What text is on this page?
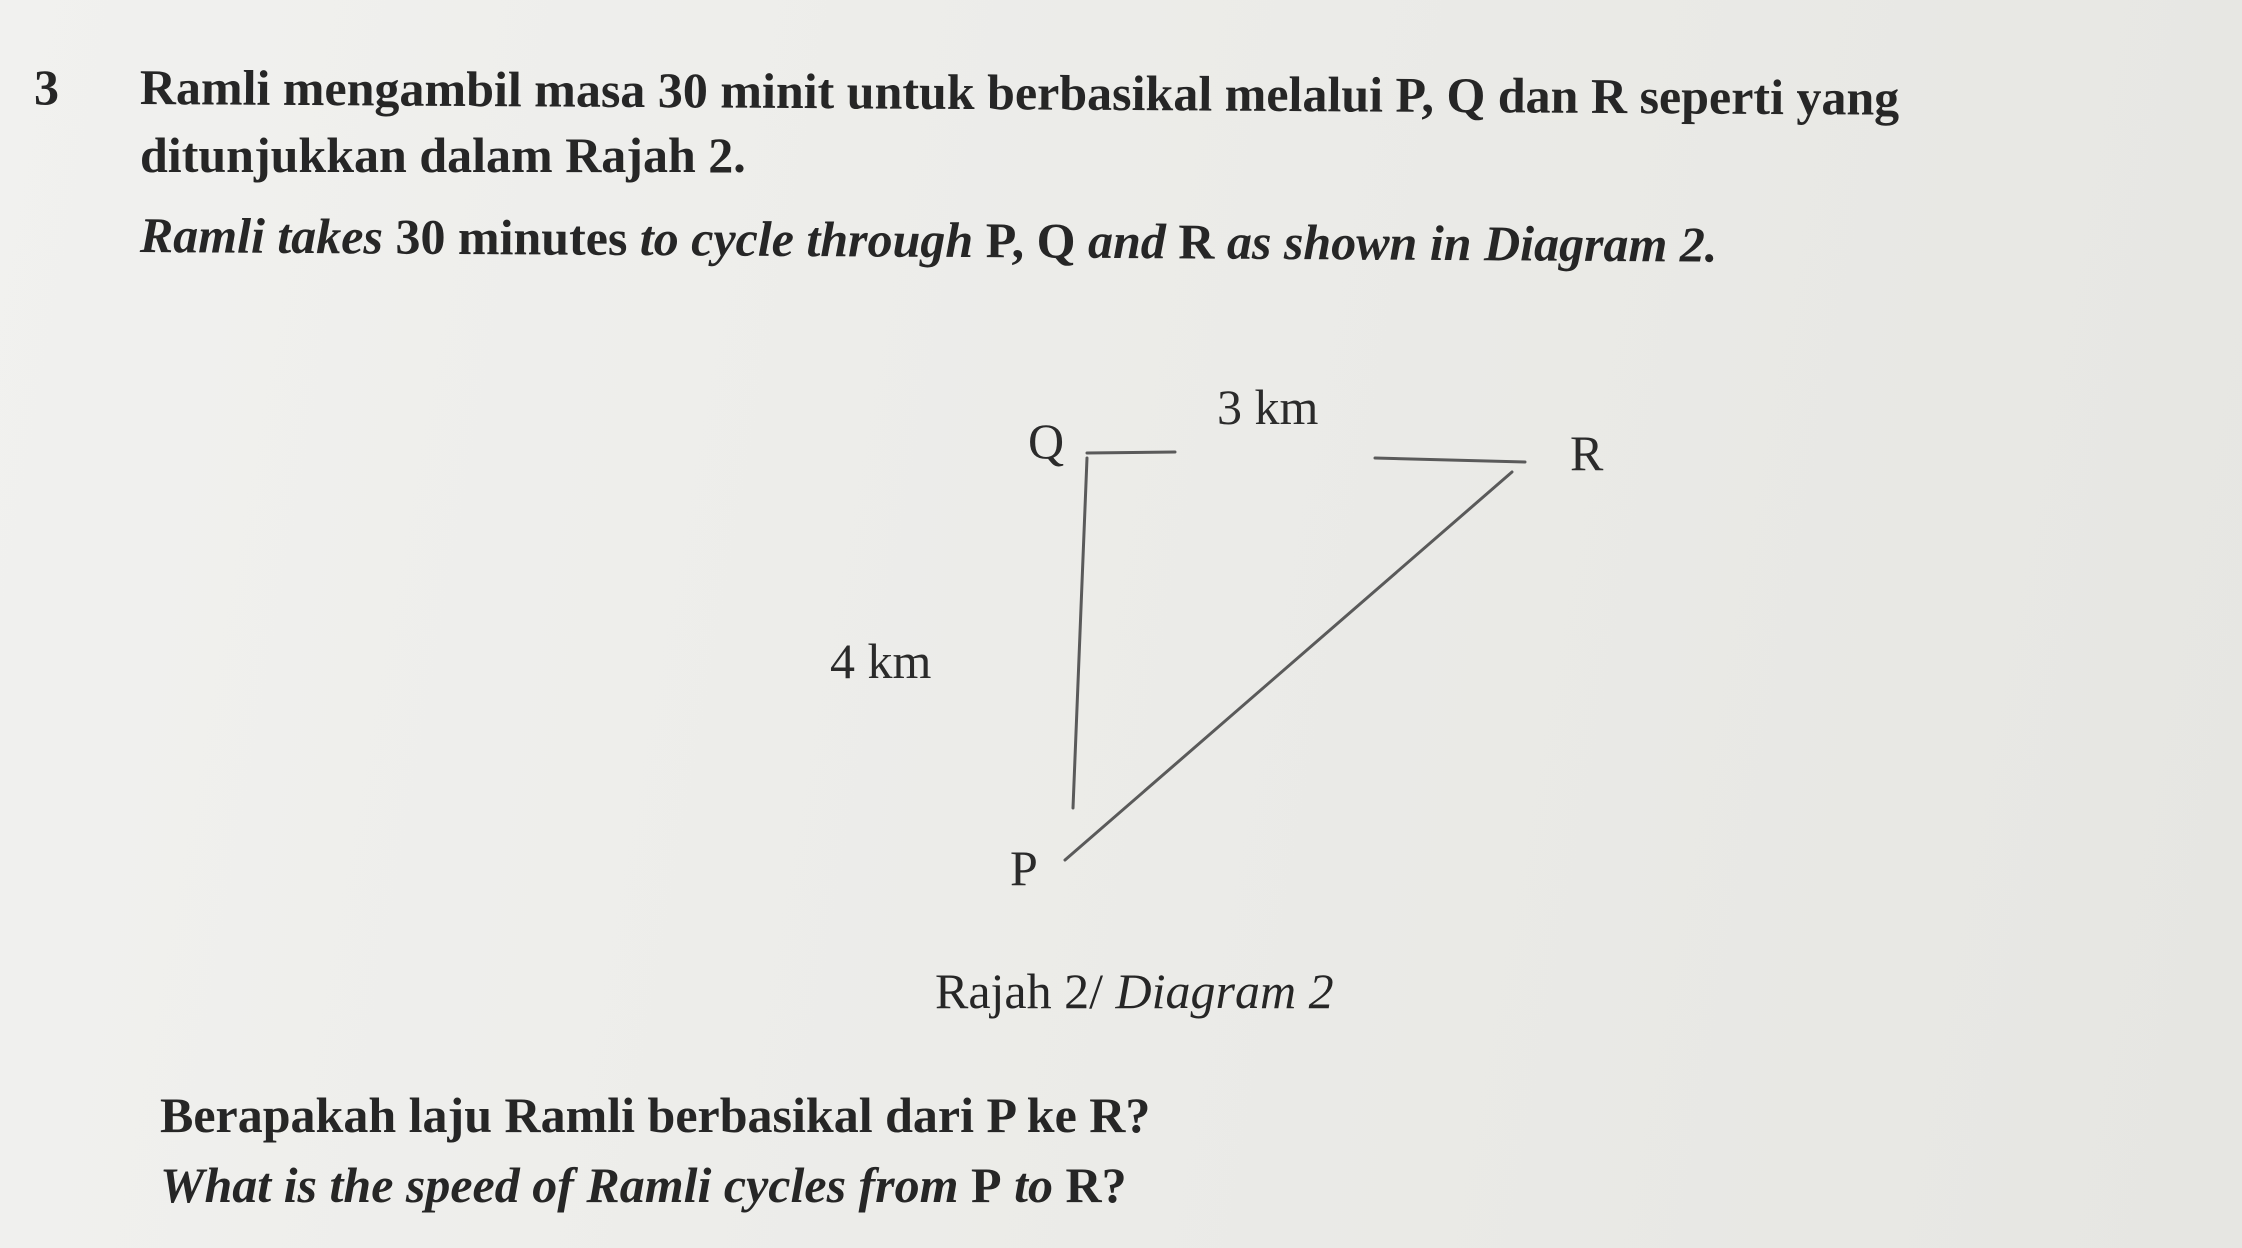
3 Ramli mengambil masa 30 minit untuk berbasikal melalui P, Q dan R seperti yang
ditunjukkan dalam Rajah 2.
Ramli takes 30 minutes to cycle through P, Q and R as shown in Diagram 2.
Q	R
P
3 km
4 km
Rajah 2/ Diagram 2
Berapakah laju Ramli berbasikal dari P ke R?
What is the speed of Ramli cycles from P to R?
